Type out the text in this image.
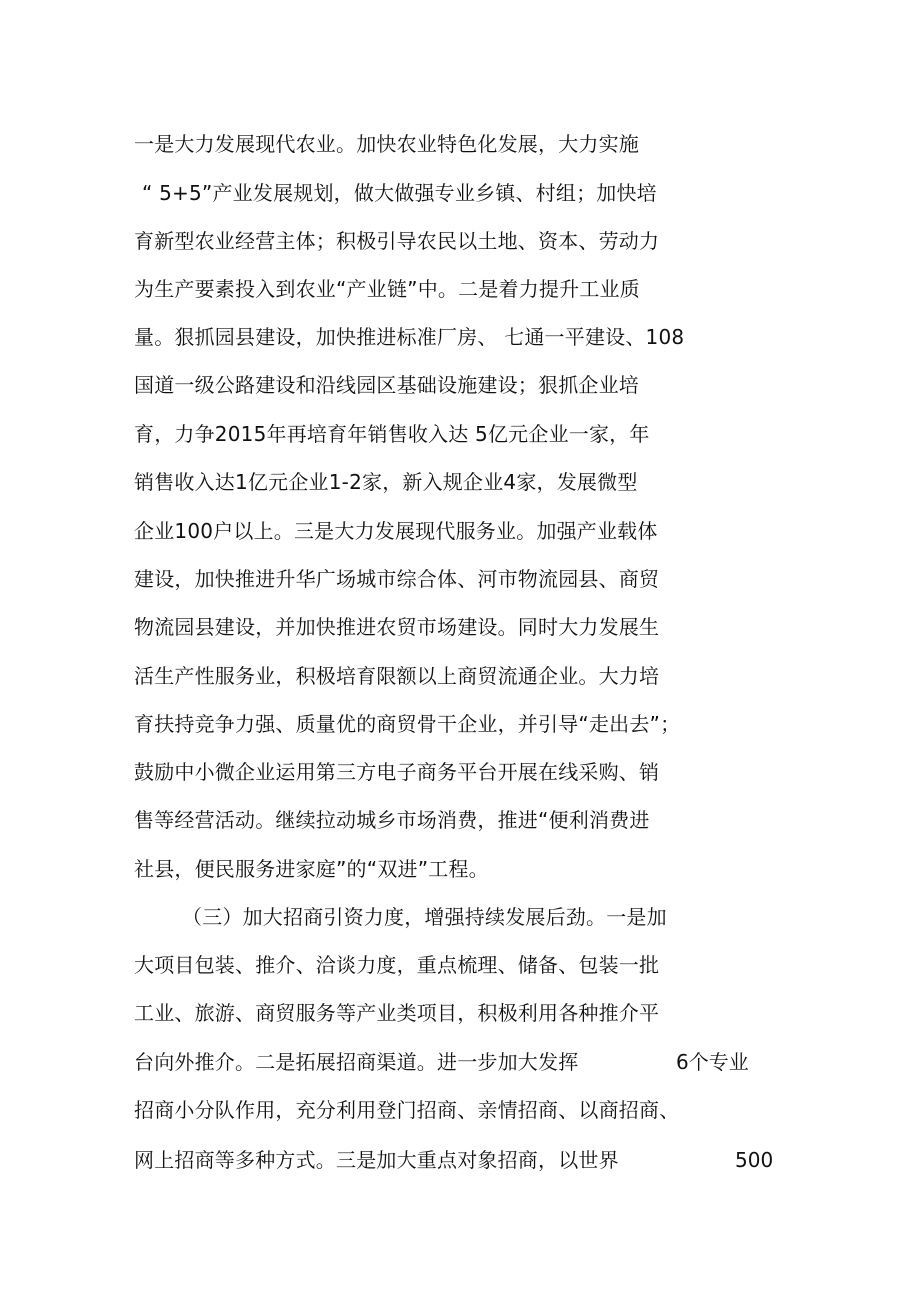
一是大力发展现代农业。加快农业特色化发展，大力实施
“ 5+5”产业发展规划，做大做强专业乡镇、村组；加快培
育新型农业经营主体；积极引导农民以土地、资本、劳动力
为生产要素投入到农业“产业链”中。二是着力提升工业质
量。狠抓园县建设，加快推进标准厂房、 七通一平建设、108
国道一级公路建设和沿线园区基础设施建设；狠抓企业培
育，力争2015年再培育年销售收入达 5亿元企业一家，年
销售收入达1亿元企业1-2家，新入规企业4家，发展微型
企业100户以上。三是大力发展现代服务业。加强产业载体
建设，加快推进升华广场城市综合体、河市物流园县、商贸
物流园县建设，并加快推进农贸市场建设。同时大力发展生
活生产性服务业，积极培育限额以上商贸流通企业。大力培
育扶持竞争力强、质量优的商贸骨干企业，并引导“走出去”；
鼓励中小微企业运用第三方电子商务平台开展在线采购、销
售等经营活动。继续拉动城乡市场消费，推进“便利消费进
社县，便民服务进家庭”的“双进”工程。
（三）加大招商引资力度，增强持续发展后劲。一是加
大项目包装、推介、洽谈力度，重点梳理、储备、包装一批
工业、旅游、商贸服务等产业类项目，积极利用各种推介平
台向外推介。二是拓展招商渠道。进一步加大发挥	6个专业
招商小分队作用，充分利用登门招商、亲情招商、以商招商、
网上招商等多种方式。三是加大重点对象招商，以世界	500
